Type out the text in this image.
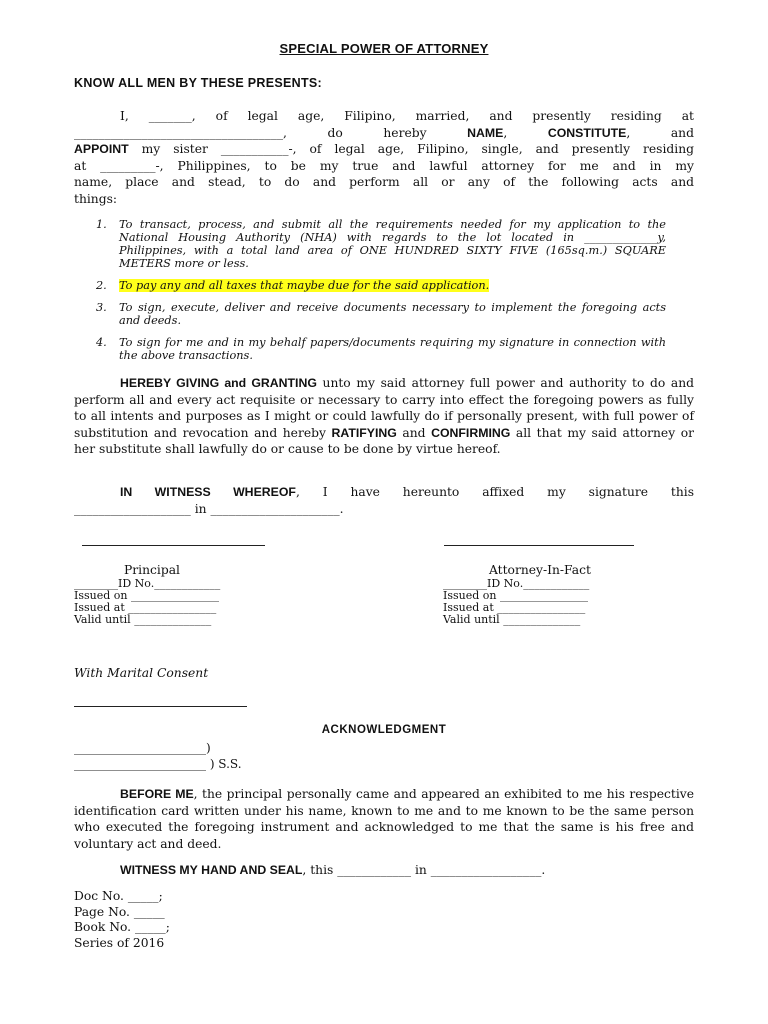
SPECIAL POWER OF ATTORNEY
KNOW ALL MEN BY THESE PRESENTS:
I, _______, of legal age, Filipino, married, and presently residing at
__________________________________, do hereby NAME, CONSTITUTE, and
APPOINT my sister ___________-, of legal age, Filipino, single, and presently residing
at _________-, Philippines, to be my true and lawful attorney for me and in my
name, place and stead, to do and perform all or any of the following acts and
things:
1. To transact, process, and submit all the requirements needed for my application to the National Housing Authority (NHA) with regards to the lot located in _____________y, Philippines, with a total land area of ONE HUNDRED SIXTY FIVE (165sq.m.) SQUARE METERS more or less.
2. To pay any and all taxes that maybe due for the said application.
3. To sign, execute, deliver and receive documents necessary to implement the foregoing acts and deeds.
4. To sign for me and in my behalf papers/documents requiring my signature in connection with the above transactions.
HEREBY GIVING and GRANTING unto my said attorney full power and authority to do and perform all and every act requisite or necessary to carry into effect the foregoing powers as fully to all intents and purposes as I might or could lawfully do if personally present, with full power of substitution and revocation and hereby RATIFYING and CONFIRMING all that my said attorney or her substitute shall lawfully do or cause to be done by virtue hereof.
IN WITNESS WHEREOF, I have hereunto affixed my signature this
___________________ in _____________________.
Principal	Attorney-In-Fact
________ID No.____________
Issued on ________________
Issued at ________________
Valid until ______________
________ID No.____________
Issued on ________________
Issued at ________________
Valid until ______________
With Marital Consent
ACKNOWLEDGMENT
______________________)
______________________ ) S.S.
BEFORE ME, the principal personally came and appeared an exhibited to me his respective identification card written under his name, known to me and to me known to be the same person who executed the foregoing instrument and acknowledged to me that the same is his free and voluntary act and deed.
WITNESS MY HAND AND SEAL, this ____________ in __________________.
Doc No. _____;
Page No. _____
Book No. _____;
Series of 2016
